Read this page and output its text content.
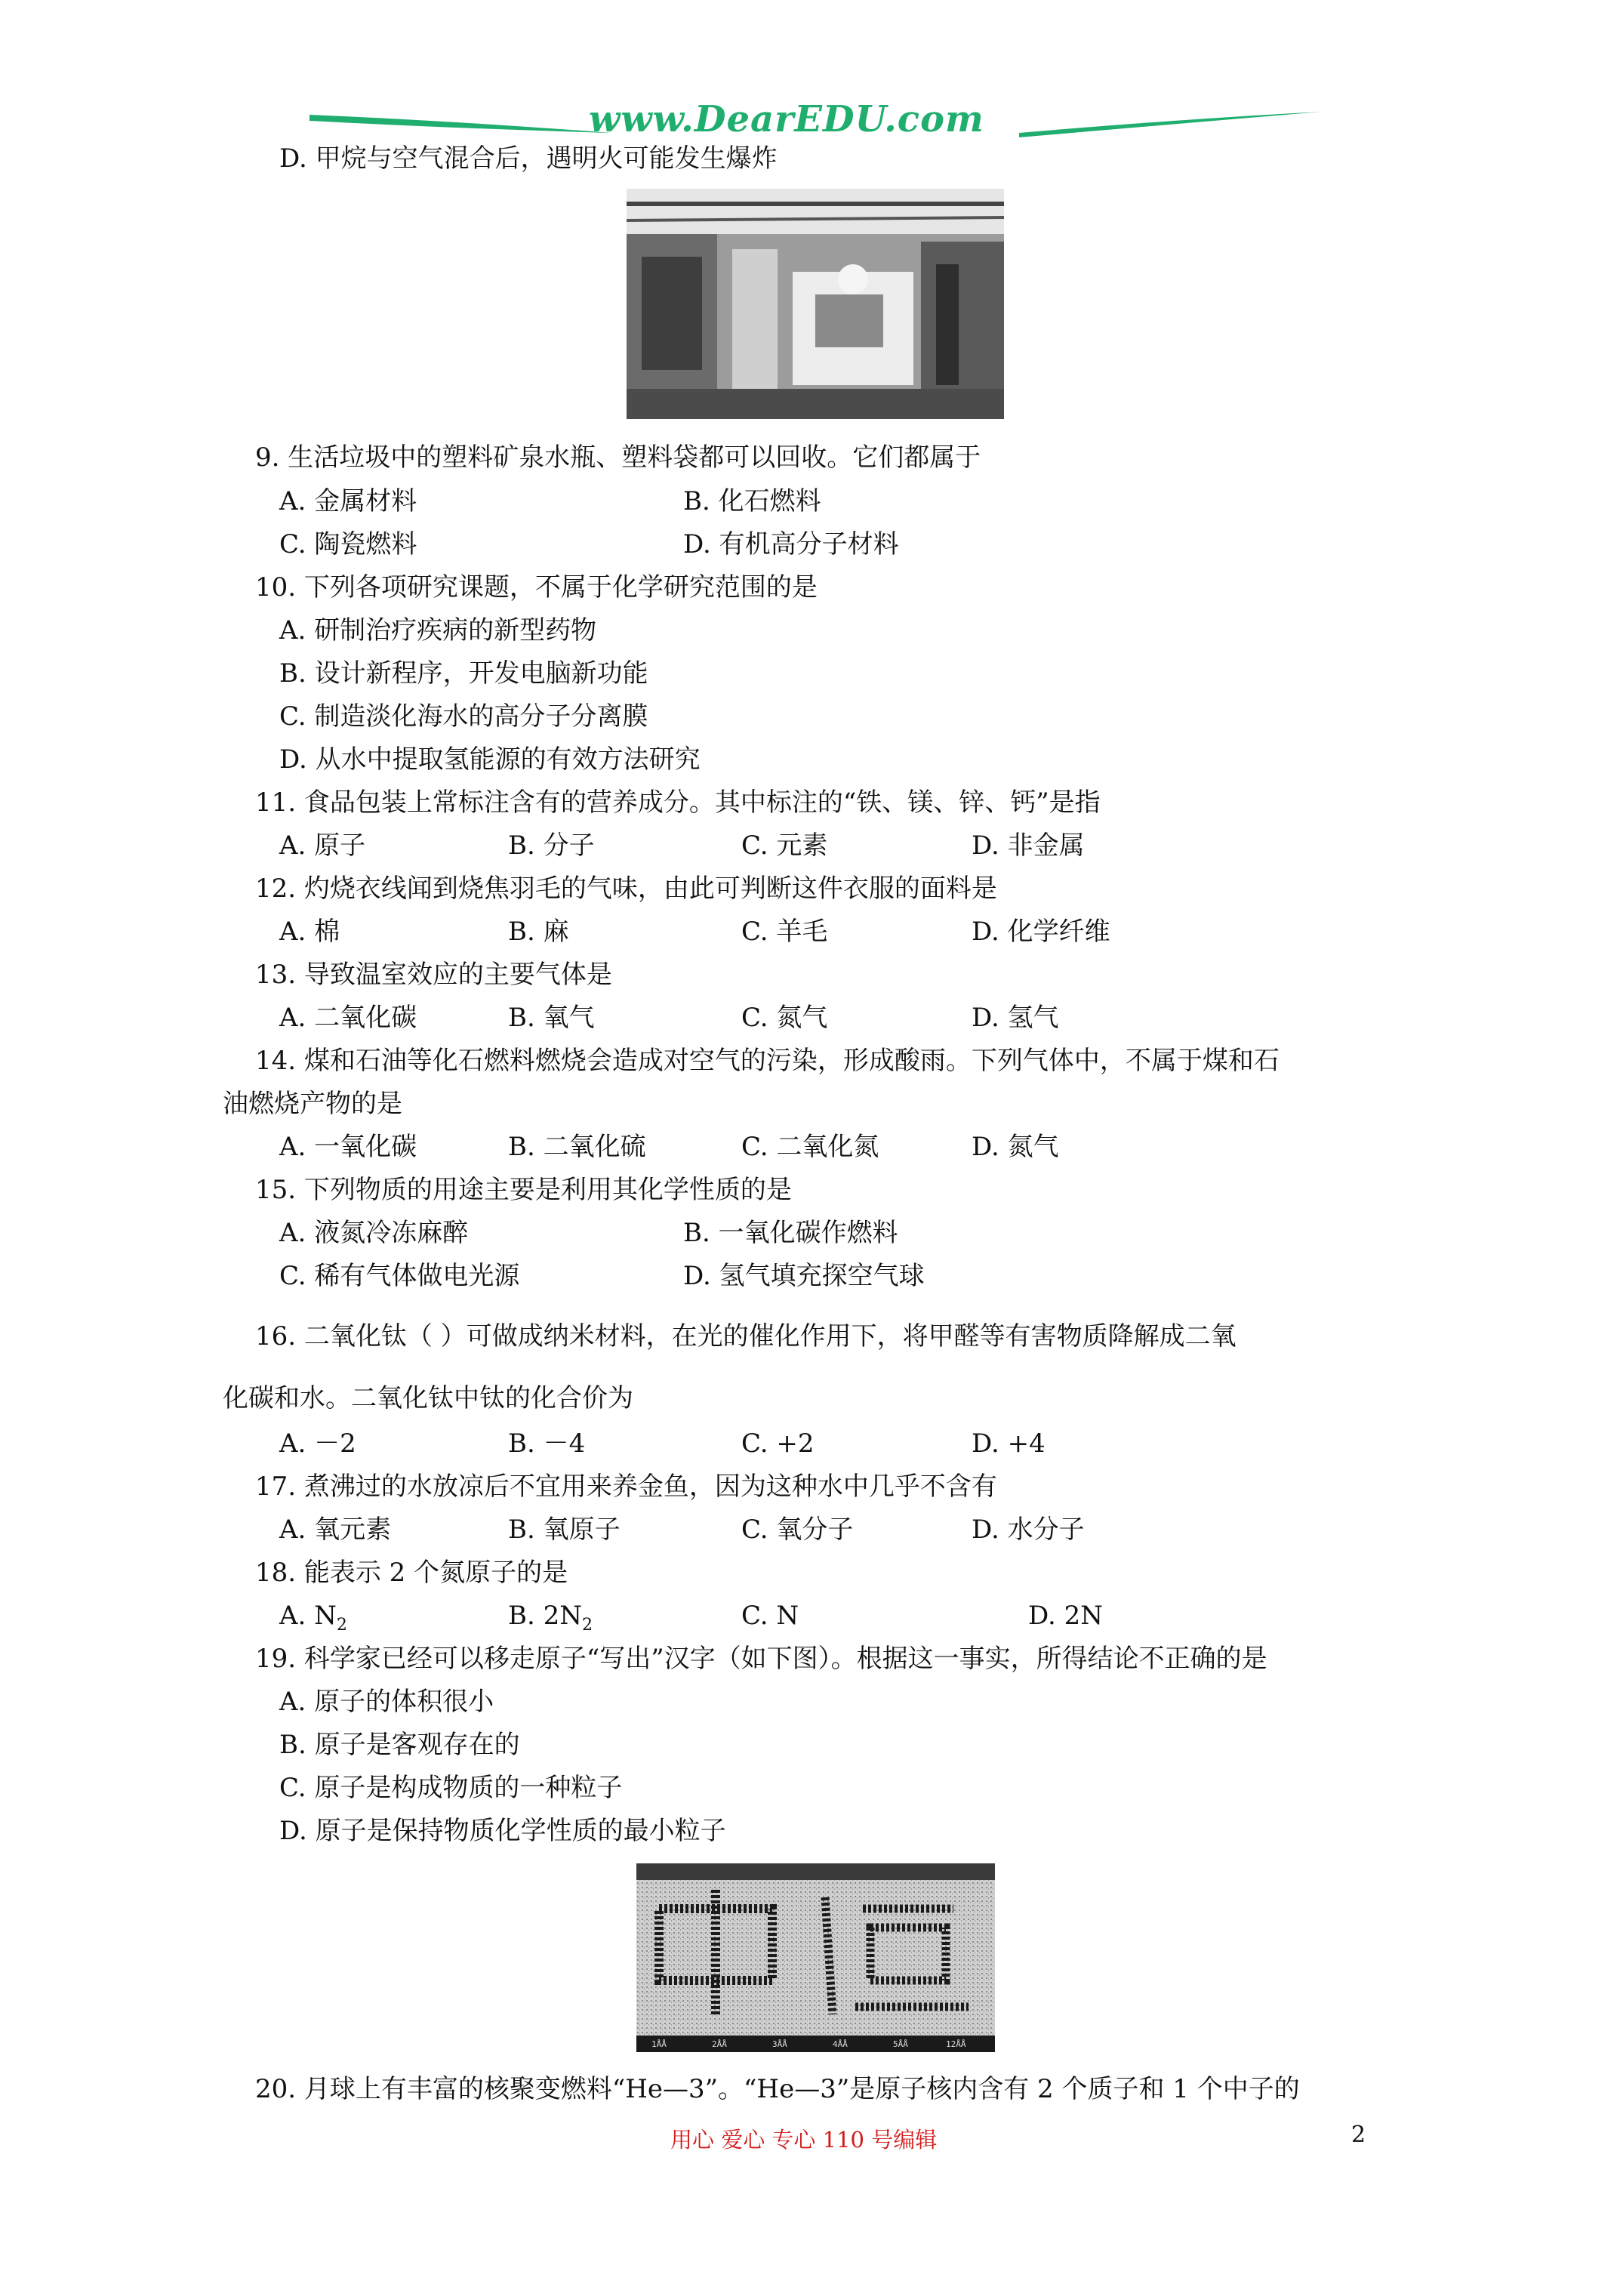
www.DearEDU.com
D. 甲烷与空气混合后，遇明火可能发生爆炸
9. 生活垃圾中的塑料矿泉水瓶、塑料袋都可以回收。它们都属于
A. 金属材料	B. 化石燃料
C. 陶瓷燃料	D. 有机高分子材料
10. 下列各项研究课题，不属于化学研究范围的是
A. 研制治疗疾病的新型药物
B. 设计新程序，开发电脑新功能
C. 制造淡化海水的高分子分离膜
D. 从水中提取氢能源的有效方法研究
11. 食品包装上常标注含有的营养成分。其中标注的“铁、镁、锌、钙”是指
A. 原子	B. 分子	C. 元素	D. 非金属
12. 灼烧衣线闻到烧焦羽毛的气味，由此可判断这件衣服的面料是
A. 棉	B. 麻	C. 羊毛	D. 化学纤维
13. 导致温室效应的主要气体是
A. 二氧化碳	B. 氧气	C. 氮气	D. 氢气
14. 煤和石油等化石燃料燃烧会造成对空气的污染，形成酸雨。下列气体中，不属于煤和石
油燃烧产物的是
A. 一氧化碳	B. 二氧化硫	C. 二氧化氮	D. 氮气
15. 下列物质的用途主要是利用其化学性质的是
A. 液氮冷冻麻醉	B. 一氧化碳作燃料
C. 稀有气体做电光源	D. 氢气填充探空气球
16. 二氧化钛（ ）可做成纳米材料，在光的催化作用下，将甲醛等有害物质降解成二氧
化碳和水。二氧化钛中钛的化合价为
A. －2	B. －4	C. +2	D. +4
17. 煮沸过的水放凉后不宜用来养金鱼，因为这种水中几乎不含有
A. 氧元素	B. 氧原子	C. 氧分子	D. 水分子
18. 能表示 2 个氮原子的是
A. $N_2$	B. $2N_2$	C. N	D. 2N
19. 科学家已经可以移走原子“写出”汉字（如下图）。根据这一事实，所得结论不正确的是
A. 原子的体积很小
B. 原子是客观存在的
C. 原子是构成物质的一种粒子
D. 原子是保持物质化学性质的最小粒子
1ÅÅ	2ÅÅ	3ÅÅ	4ÅÅ	5ÅÅ	12ÅÅ
20. 月球上有丰富的核聚变燃料“He—3”。“He—3”是原子核内含有 2 个质子和 1 个中子的
用心 爱心 专心 110 号编辑	2
